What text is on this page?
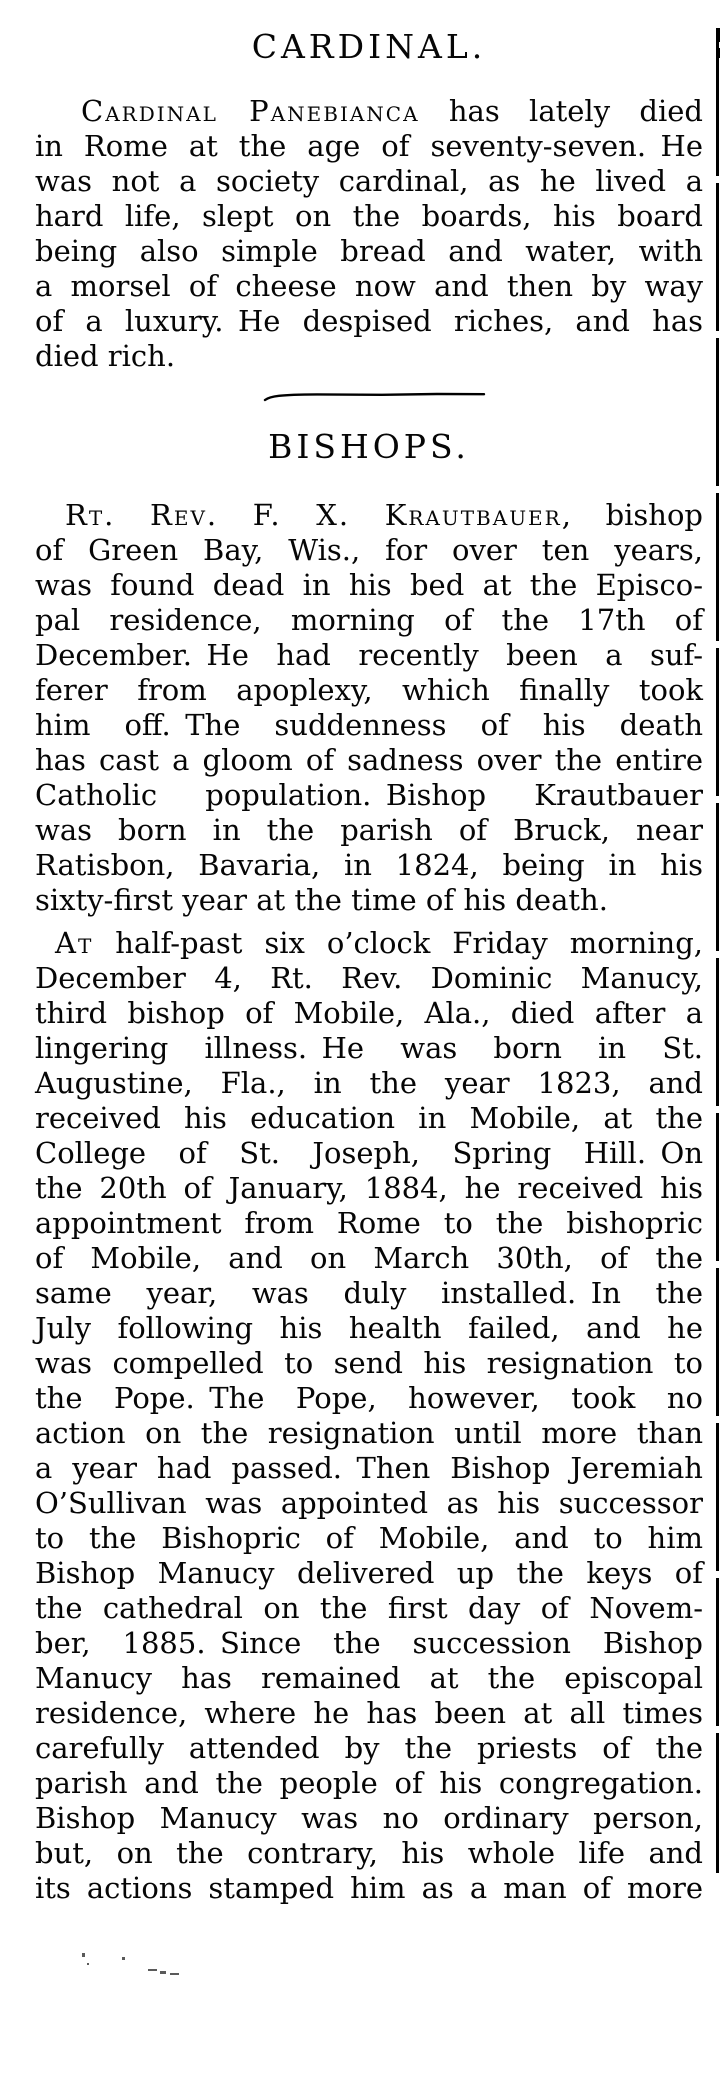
CARDINAL.
Cardinal Panebianca has lately died
in Rome at the age of seventy-seven. He
was not a society cardinal, as he lived a
hard life, slept on the boards, his board
being also simple bread and water, with
a morsel of cheese now and then by way
of a luxury. He despised riches, and has
died rich.
BISHOPS.
Rt. Rev. F. X. Krautbauer, bishop
of Green Bay, Wis., for over ten years,
was found dead in his bed at the Episco-
pal residence, morning of the 17th of
December. He had recently been a suf-
ferer from apoplexy, which finally took
him off. The suddenness of his death
has cast a gloom of sadness over the entire
Catholic population. Bishop Krautbauer
was born in the parish of Bruck, near
Ratisbon, Bavaria, in 1824, being in his
sixty-first year at the time of his death.
At half-past six o’clock Friday morning,
December 4, Rt. Rev. Dominic Manucy,
third bishop of Mobile, Ala., died after a
lingering illness. He was born in St.
Augustine, Fla., in the year 1823, and
received his education in Mobile, at the
College of St. Joseph, Spring Hill. On
the 20th of January, 1884, he received his
appointment from Rome to the bishopric
of Mobile, and on March 30th, of the
same year, was duly installed. In the
July following his health failed, and he
was compelled to send his resignation to
the Pope. The Pope, however, took no
action on the resignation until more than
a year had passed. Then Bishop Jeremiah
O’Sullivan was appointed as his successor
to the Bishopric of Mobile, and to him
Bishop Manucy delivered up the keys of
the cathedral on the first day of Novem-
ber, 1885. Since the succession Bishop
Manucy has remained at the episcopal
residence, where he has been at all times
carefully attended by the priests of the
parish and the people of his congregation.
Bishop Manucy was no ordinary person,
but, on the contrary, his whole life and
its actions stamped him as a man of more
